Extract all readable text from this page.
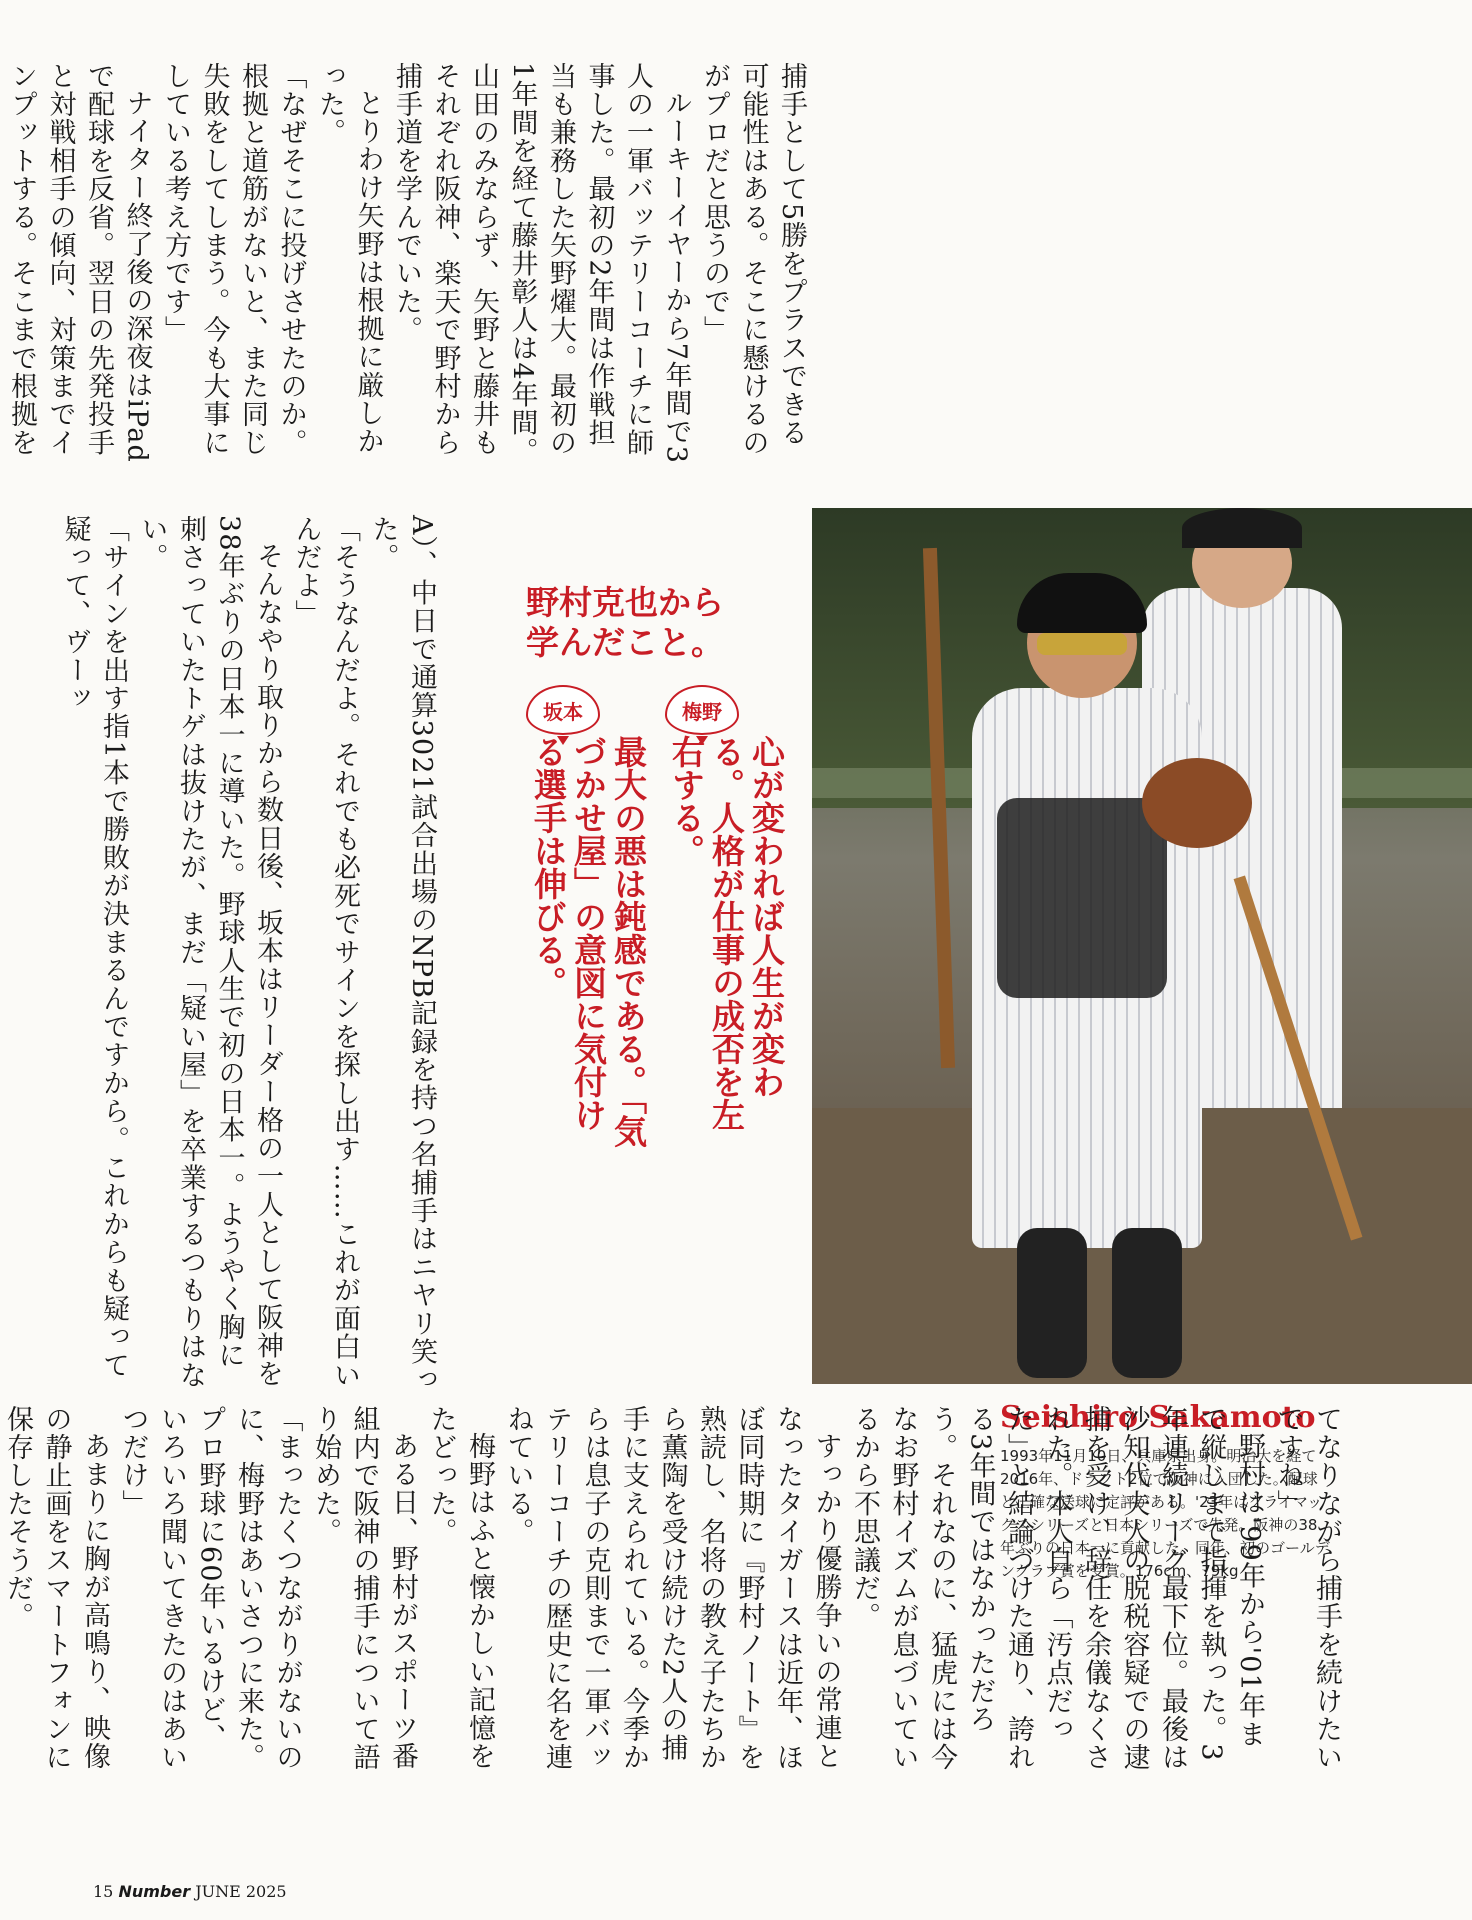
捕手として5勝をプラスできる可能性はある。そこに懸けるのがプロだと思うので」

ルーキーイヤーから7年間で3人の一軍バッテリーコーチに師事した。最初の2年間は作戦担当も兼務した矢野燿大。最初の1年間を経て藤井彰人は4年間。山田のみならず、矢野と藤井もそれぞれ阪神、楽天で野村から捕手道を学んでいた。

とりわけ矢野は根拠に厳しかった。

「なぜそこに投げさせたのか。根拠と道筋がないと、また同じ失敗をしてしまう。今も大事にしている考え方です」

ナイター終了後の深夜はiPadで配球を反省。翌日の先発投手と対戦相手の傾向、対策までインプットする。そこまで根拠を

A）、中日で通算3021試合出場のNPB記録を持つ名捕手はニヤリ笑った。

「そうなんだよ。それでも必死でサインを探し出す……これが面白いんだよ」

そんなやり取りから数日後、坂本はリーダー格の一人として阪神を38年ぶりの日本一に導いた。野球人生で初の日本一。ようやく胸に刺さっていたトゲは抜けたが、まだ「疑い屋」を卒業するつもりはない。

「サインを出す指1本で勝敗が決まるんですから。これからも疑って疑って、ヴーッ

Seishiro Sakamoto

1993年11月10日、兵庫県出身。明治大を経て2016年、ドラフト2位で阪神に入団した。配球と正確な送球に定評がある。'23年はクライマックスシリーズと日本シリーズで先発。阪神の38年ぶりの日本一に貢献した。同年、初のゴールデングラブ賞を受賞。176cm、79kg

野村克也から
学んだこと。
梅野
坂本
心が変われば人生が変わる。人格が仕事の成否を左右する。
最大の悪は鈍感である。「気づかせ屋」の意図に気付ける選手は伸びる。

てなりながら捕手を続けたいですね」

野村は'99年から'01年まで縦じまで指揮を執った。3年連続リーグ最下位。最後は沙知代夫人の脱税容疑での逮捕を受け、辞任を余儀なくされた。本人自ら「汚点だった」と結論づけた通り、誇れる3年間ではなかっただろう。それなのに、猛虎には今なお野村イズムが息づいているから不思議だ。

すっかり優勝争いの常連となったタイガースは近年、ほぼ同時期に『野村ノート』を熟読し、名将の教え子たちから薫陶を受け続けた2人の捕手に支えられている。今季からは息子の克則まで一軍バッテリーコーチの歴史に名を連ねている。

梅野はふと懐かしい記憶をたどった。

ある日、野村がスポーツ番組内で阪神の捕手について語り始めた。

「まったくつながりがないのに、梅野はあいさつに来た。プロ野球に60年いるけど、いろいろ聞いてきたのはあいつだけ」

あまりに胸が高鳴り、映像の静止画をスマートフォンに保存したそうだ。

15 Number JUNE 2025
